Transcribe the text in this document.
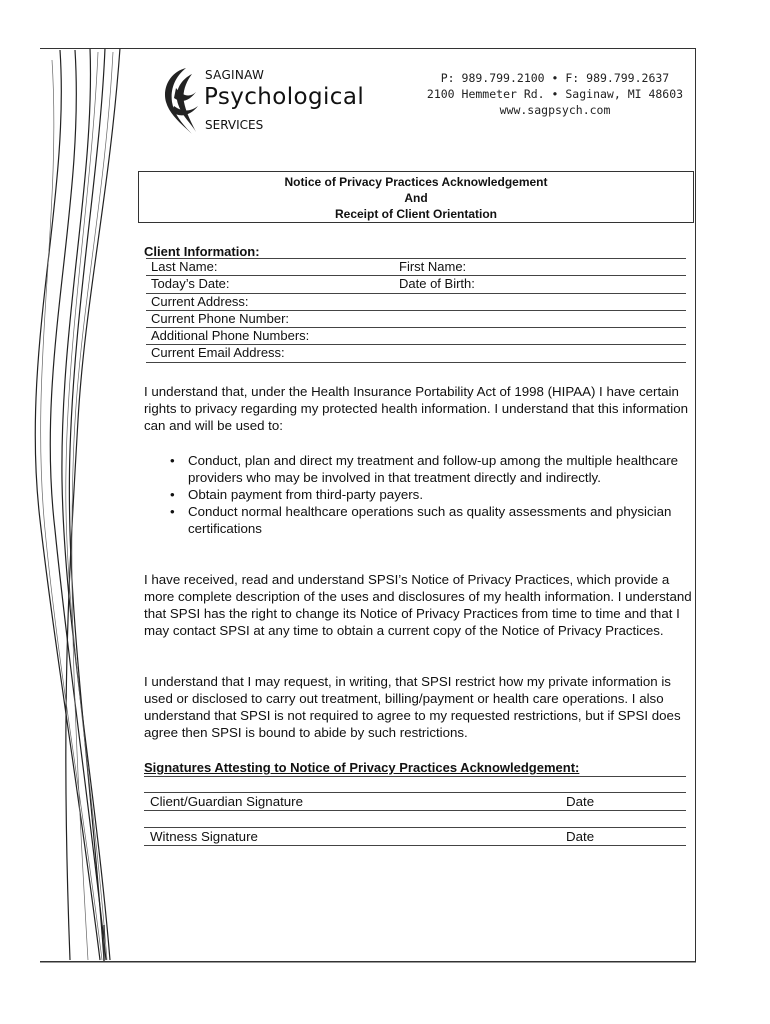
SAGINAW
Psychological
SERVICES
P: 989.799.2100 • F: 989.799.2637
2100 Hemmeter Rd. • Saginaw, MI 48603
www.sagpsych.com
Notice of Privacy Practices Acknowledgement
And
Receipt of Client Orientation
Client Information:
Last Name:	First Name:
Today’s Date:	Date of Birth:
Current Address:
Current Phone Number:
Additional Phone Numbers:
Current Email Address:
I understand that, under the Health Insurance Portability Act of 1998 (HIPAA) I have certain rights to privacy regarding my protected health information. I understand that this information can and will be used to:
• Conduct, plan and direct my treatment and follow-up among the multiple healthcare providers who may be involved in that treatment directly and indirectly.
• Obtain payment from third-party payers.
• Conduct normal healthcare operations such as quality assessments and physician certifications
I have received, read and understand SPSI’s Notice of Privacy Practices, which provide a more complete description of the uses and disclosures of my health information. I understand that SPSI has the right to change its Notice of Privacy Practices from time to time and that I may contact SPSI at any time to obtain a current copy of the Notice of Privacy Practices.
I understand that I may request, in writing, that SPSI restrict how my private information is used or disclosed to carry out treatment, billing/payment or health care operations. I also understand that SPSI is not required to agree to my requested restrictions, but if SPSI does agree then SPSI is bound to abide by such restrictions.
Signatures Attesting to Notice of Privacy Practices Acknowledgement:
Client/Guardian Signature	Date
Witness Signature	Date
